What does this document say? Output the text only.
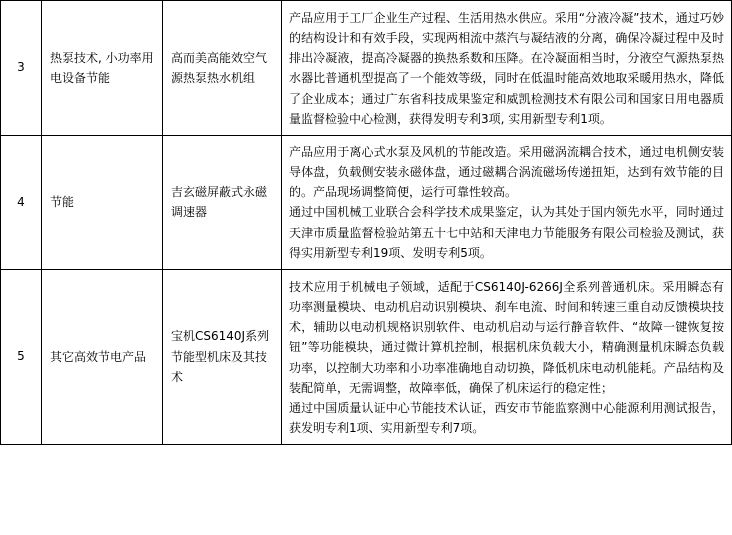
3	热泵技术, 小功率用电设备节能	高而美高能效空气源热泵热水机组	产品应用于工厂企业生产过程、生活用热水供应。采用“分液冷凝”技术，通过巧妙的结构设计和有效手段，实现两相流中蒸汽与凝结液的分离，确保冷凝过程中及时排出冷凝液，提高冷凝器的换热系数和压降。在冷凝面相当时，分液空气源热泵热水器比普通机型提高了一个能效等级，同时在低温时能高效地取采暖用热水，降低了企业成本；通过广东省科技成果鉴定和威凯检测技术有限公司和国家日用电器质量监督检验中心检测，获得发明专利3项, 实用新型专利1项。
4	节能	吉玄磁屏蔽式永磁调速器	产品应用于离心式水泵及风机的节能改造。采用磁涡流耦合技术，通过电机侧安装导体盘，负载侧安装永磁体盘，通过磁耦合涡流磁场传递扭矩，达到有效节能的目的。产品现场调整简便，运行可靠性较高。
通过中国机械工业联合会科学技术成果鉴定，认为其处于国内领先水平，同时通过天津市质量监督检验站第五十七中站和天津电力节能服务有限公司检验及测试，获得实用新型专利19项、发明专利5项。

5	其它高效节电产品	宝机CS6140J系列节能型机床及其技术	技术应用于机械电子领域，适配于CS6140J-6266J全系列普通机床。采用瞬态有功率测量模块、电动机启动识别模块、刹车电流、时间和转速三重自动反馈模块技术，辅助以电动机规格识别软件、电动机启动与运行静音软件、“故障一键恢复按钮”等功能模块，通过微计算机控制，根据机床负载大小，精确测量机床瞬态负载功率，以控制大功率和小功率准确地自动切换，降低机床电动机能耗。产品结构及装配简单，无需调整，故障率低，确保了机床运行的稳定性；
通过中国质量认证中心节能技术认证，西安市节能监察测中心能源利用测试报告，获发明专利1项、实用新型专利7项。
